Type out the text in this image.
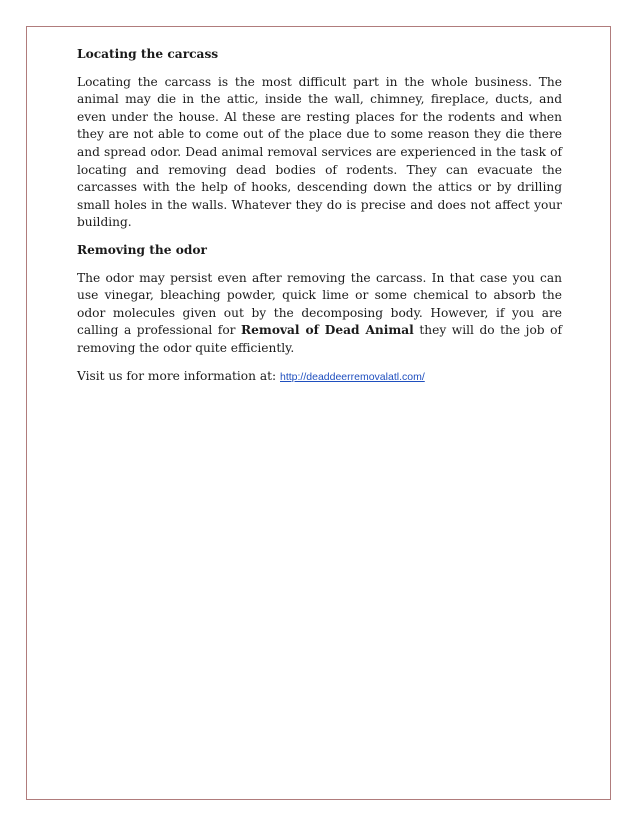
Locating the carcass

Locating the carcass is the most difficult part in the whole business. The animal may die in the attic, inside the wall, chimney, fireplace, ducts, and even under the house. Al these are resting places for the rodents and when they are not able to come out of the place due to some reason they die there and spread odor. Dead animal removal services are experienced in the task of locating and removing dead bodies of rodents. They can evacuate the carcasses with the help of hooks, descending down the attics or by drilling small holes in the walls. Whatever they do is precise and does not affect your building.

Removing the odor

The odor may persist even after removing the carcass. In that case you can use vinegar, bleaching powder, quick lime or some chemical to absorb the odor molecules given out by the decomposing body. However, if you are calling a professional for Removal of Dead Animal they will do the job of removing the odor quite efficiently.

Visit us for more information at: http://deaddeerremovalatl.com/
